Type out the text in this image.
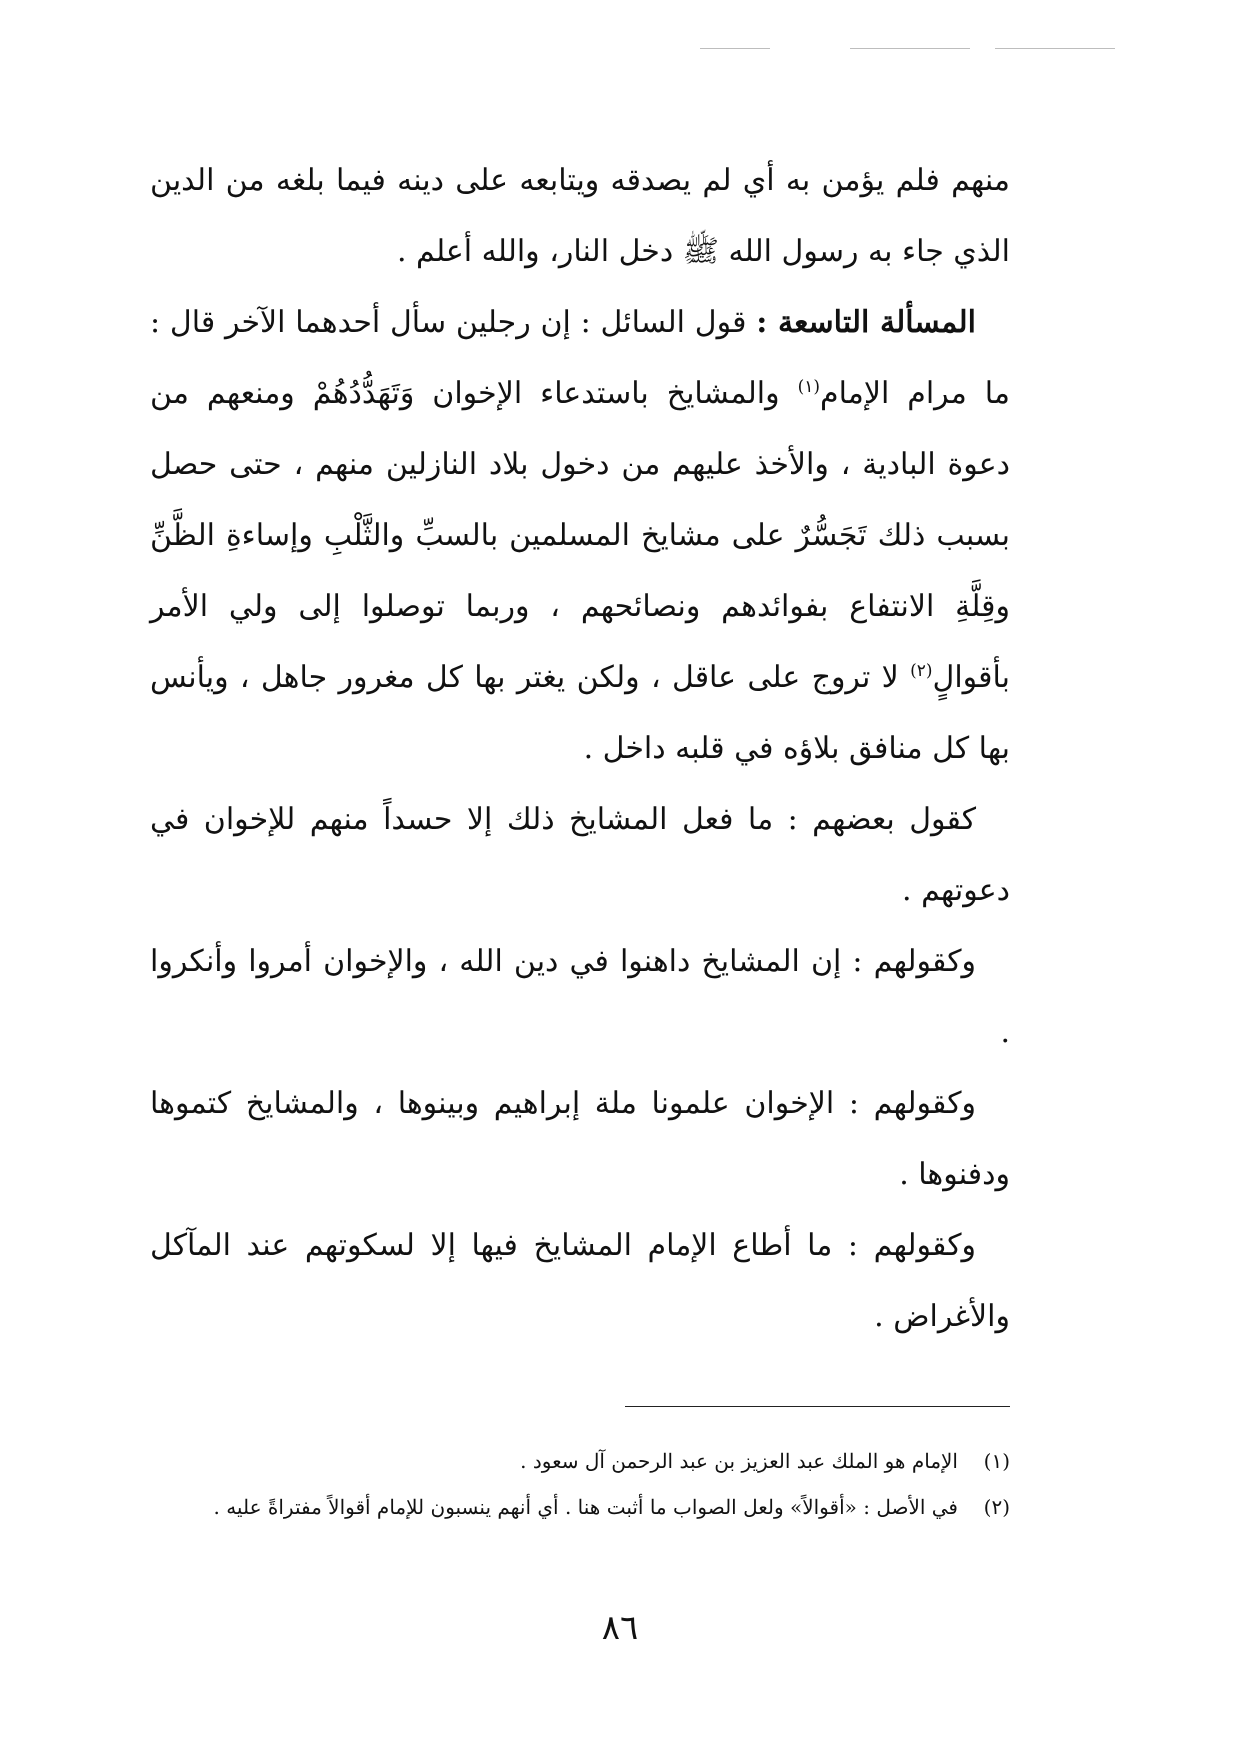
منهم فلم يؤمن به أي لم يصدقه ويتابعه على دينه فيما بلغه من الدين الذي جاء به رسول الله ﷺ دخل النار، والله أعلم .

المسألة التاسعة : قول السائل : إن رجلين سأل أحدهما الآخر قال : ما مرام الإمام$^{(١)}$ والمشايخ باستدعاء الإخوان وَتَهَدُّدُهُمْ ومنعهم من دعوة البادية ، والأخذ عليهم من دخول بلاد النازلين منهم ، حتى حصل بسبب ذلك تَجَسُّرٌ على مشايخ المسلمين بالسبِّ والثَّلْبِ وإساءةِ الظَّنِّ وقِلَّةِ الانتفاع بفوائدهم ونصائحهم ، وربما توصلوا إلى ولي الأمر بأقوالٍ$^{(٢)}$ لا تروج على عاقل ، ولكن يغتر بها كل مغرور جاهل ، ويأنس بها كل منافق بلاؤه في قلبه داخل .

كقول بعضهم : ما فعل المشايخ ذلك إلا حسداً منهم للإخوان في دعوتهم .

وكقولهم : إن المشايخ داهنوا في دين الله ، والإخوان أمروا وأنكروا .

وكقولهم : الإخوان علمونا ملة إبراهيم وبينوها ، والمشايخ كتموها ودفنوها .

وكقولهم : ما أطاع الإمام المشايخ فيها إلا لسكوتهم عند المآكل والأغراض .

(١)
الإمام هو الملك عبد العزيز بن عبد الرحمن آل سعود .
(٢)
في الأصل : «أقوالاً» ولعل الصواب ما أثبت هنا . أي أنهم ينسبون للإمام أقوالاً مفتراةً عليه .
٨٦
